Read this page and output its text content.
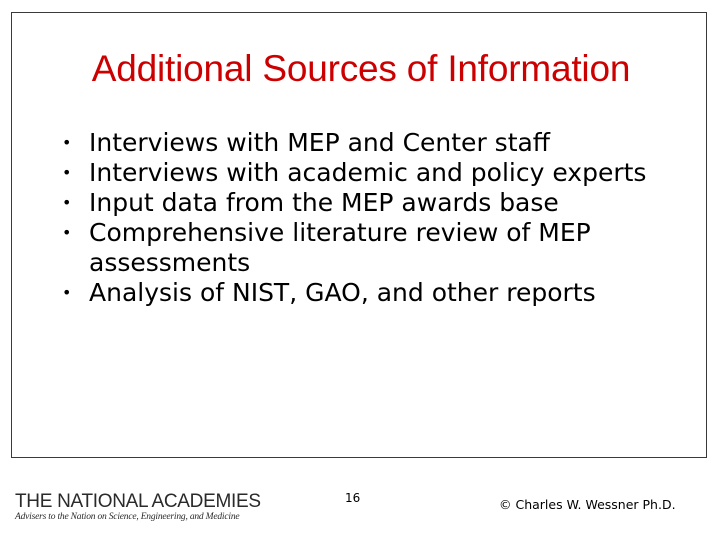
Additional Sources of Information
• Interviews with MEP and Center staff
• Interviews with academic and policy experts
• Input data from the MEP awards base
• Comprehensive literature review of MEP assessments
• Analysis of NIST, GAO, and other reports
THE NATIONAL ACADEMIES
Advisers to the Nation on Science, Engineering, and Medicine
16	© Charles W. Wessner Ph.D.
